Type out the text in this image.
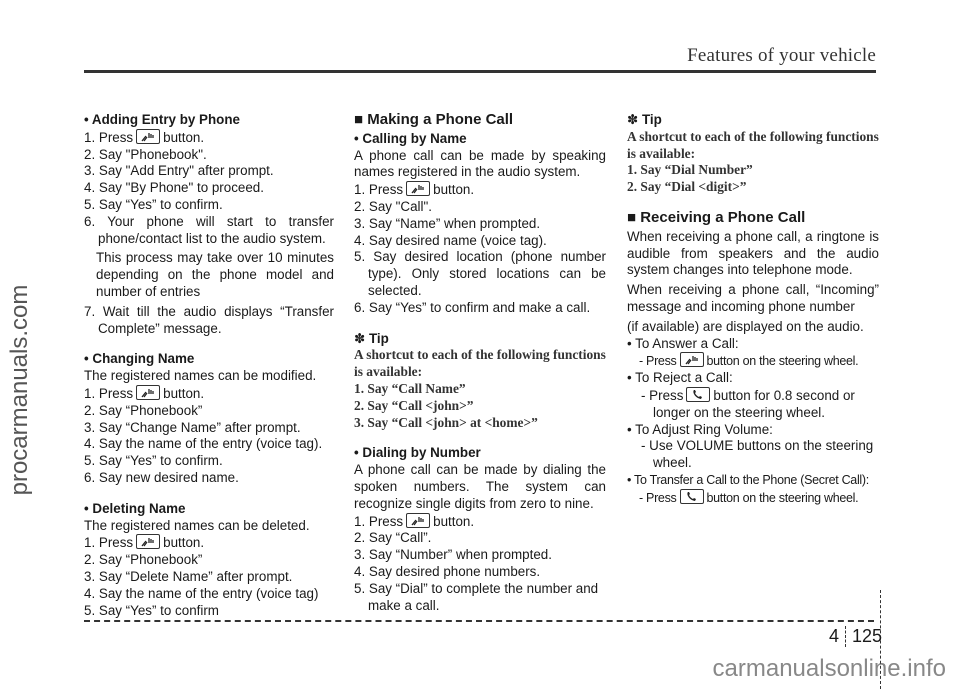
Features of your vehicle
procarmanuals.com
carmanualsonline.info

• Adding Entry by Phone

1. Press button.

2. Say "Phonebook".

3. Say "Add Entry" after prompt.

4. Say "By Phone" to proceed.

5. Say “Yes” to confirm.

6. Your phone will start to transfer phone/contact list to the audio system.

This process may take over 10 minutes depending on the phone model and number of entries

7. Wait till the audio displays “Transfer Complete” message.

• Changing Name

The registered names can be modified.

1. Press button.

2. Say “Phonebook”

3. Say “Change Name” after prompt.

4. Say the name of the entry (voice tag).

5. Say “Yes” to confirm.

6. Say new desired name.

• Deleting Name

The registered names can be deleted.

1. Press button.

2. Say “Phonebook”

3. Say “Delete Name” after prompt.

4. Say the name of the entry (voice tag)

5. Say “Yes” to confirm

■ Making a Phone Call

• Calling by Name

A phone call can be made by speaking names registered in the audio system.

1. Press button.

2. Say "Call".

3. Say “Name” when prompted.

4. Say desired name (voice tag).

5. Say desired location (phone number type). Only stored locations can be selected.

6. Say “Yes” to confirm and make a call.

✽ Tip

A shortcut to each of the following functions is available:

1. Say “Call Name”

2. Say “Call <john>”

3. Say “Call <john> at <home>”

• Dialing by Number

A phone call can be made by dialing the spoken numbers. The system can recognize single digits from zero to nine.

1. Press button.

2. Say “Call”.

3. Say “Number” when prompted.

4. Say desired phone numbers.

5. Say “Dial” to complete the number and make a call.

✽ Tip

A shortcut to each of the following functions is available:

1. Say “Dial Number”

2. Say “Dial <digit>”

■ Receiving a Phone Call

When receiving a phone call, a ringtone is audible from speakers and the audio system changes into telephone mode.

When receiving a phone call, “Incoming” message and incoming phone number

(if available) are displayed on the audio.

• To Answer a Call:

- Press button on the steering wheel.

• To Reject a Call:

- Press button for 0.8 second or longer on the steering wheel.

• To Adjust Ring Volume:

- Use VOLUME buttons on the steering wheel.

• To Transfer a Call to the Phone (Secret Call):

- Press button on the steering wheel.

4 125
